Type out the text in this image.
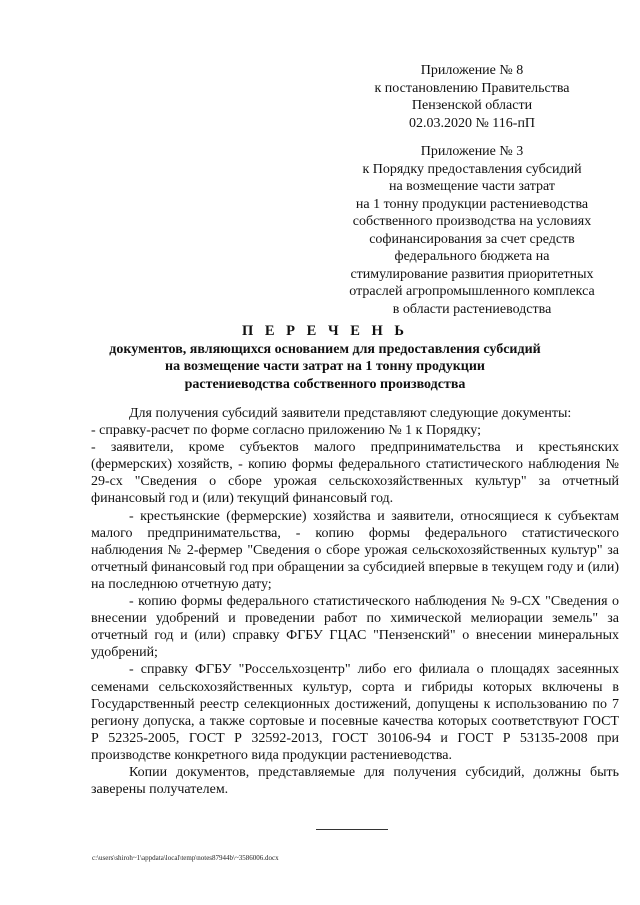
Приложение № 8
к постановлению Правительства
Пензенской области
02.03.2020 № 116-пП
Приложение № 3
к Порядку предоставления субсидий
на возмещение части затрат
на 1 тонну продукции растениеводства
собственного производства на условиях
софинансирования за счет средств
федерального бюджета на
стимулирование развития приоритетных
отраслей агропромышленного комплекса
в области растениеводства
П Е Р Е Ч Е Н Ь
документов, являющихся основанием для предоставления субсидий
на возмещение части затрат на 1 тонну продукции
растениеводства собственного производства

Для получения субсидий заявители представляют следующие документы:

- справку-расчет по форме согласно приложению № 1 к Порядку;

- заявители, кроме субъектов малого предпринимательства и крестьянских (фермерских) хозяйств, - копию формы федерального статистического наблюдения № 29-сх "Сведения о сборе урожая сельскохозяйственных культур" за отчетный финансовый год и (или) текущий финансовый год.

- крестьянские (фермерские) хозяйства и заявители, относящиеся к субъектам малого предпринимательства, - копию формы федерального статистического наблюдения № 2-фермер "Сведения о сборе урожая сельскохозяйственных культур" за отчетный финансовый год при обращении за субсидией впервые в текущем году и (или) на последнюю отчетную дату;

- копию формы федерального статистического наблюдения № 9-СХ "Сведения о внесении удобрений и проведении работ по химической мелиорации земель" за отчетный год и (или) справку ФГБУ ГЦАС "Пензенский" о внесении минеральных удобрений;

- справку ФГБУ "Россельхозцентр" либо его филиала о площадях засеянных семенами сельскохозяйственных культур, сорта и гибриды которых включены в Государственный реестр селекционных достижений, допущены к использованию по 7 региону допуска, а также сортовые и посевные качества которых соответствуют ГОСТ Р 52325-2005, ГОСТ Р 32592-2013, ГОСТ 30106-94 и ГОСТ Р 53135-2008 при производстве конкретного вида продукции растениеводства.

Копии документов, представляемые для получения субсидий, должны быть заверены получателем.

c:\users\shiroh~1\appdata\local\temp\notes87944b\~3586006.docx
